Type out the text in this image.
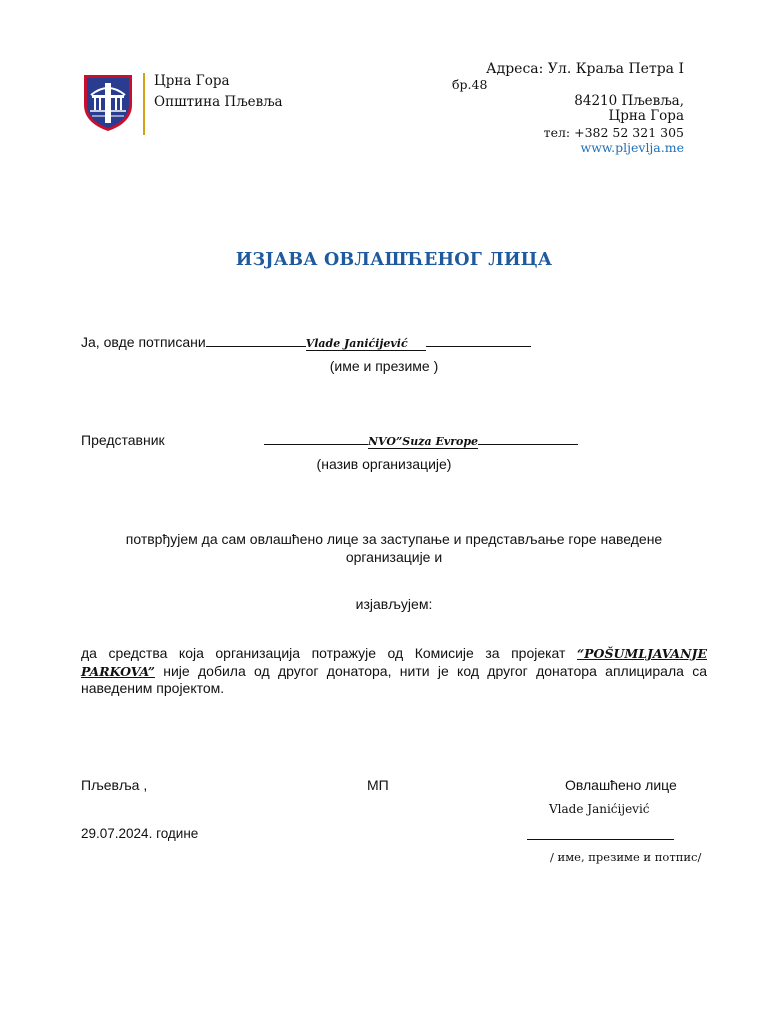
Црна Гора
Општина Пљевља
Адреса: Ул. Краља Петра I
бр.48
84210 Пљевља,
Црна Гора
тел: +382 52 321 305
www.pljevlja.me
ИЗЈАВА ОВЛАШЋЕНОГ ЛИЦА
Ја, овде потписани	Vlade Janićijević
(име и презиме )
Представник	NVO”Suza Evrope
(назив организације)
потврђујем да сам овлашћено лице за заступање и представљање горе наведене организације и
изјављујем:
да средства која организација потражује од Комисије за пројекат “POŠUMLJAVANJE PARKOVA” није добила од другог донатора, нити је код другог донатора аплицирала са наведеним пројектом.
Пљевља ,	МП	Овлашћено лице
Vlade Janićijević
29.07.2024. године
/ име, презиме и потпис/
